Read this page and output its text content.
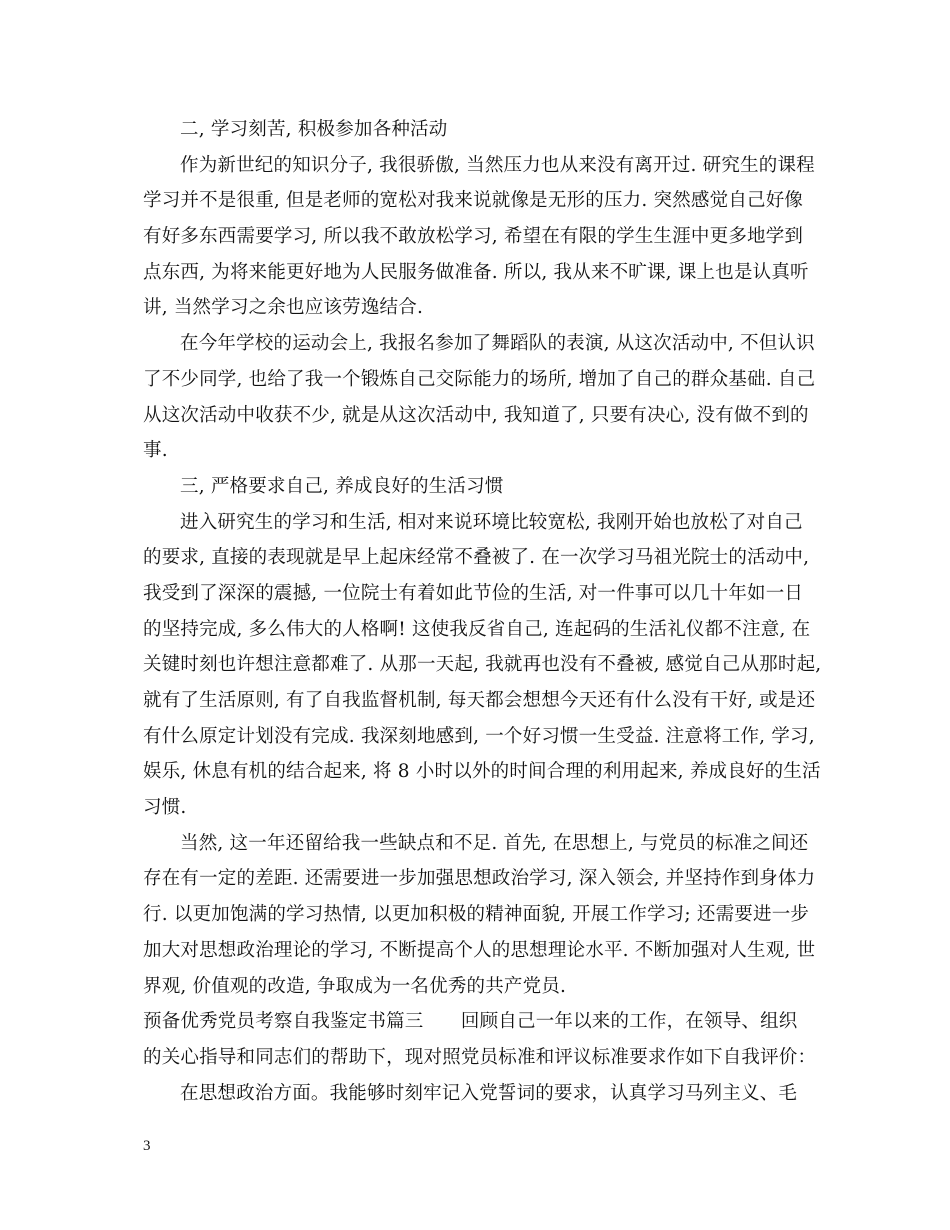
二, 学习刻苦, 积极参加各种活动
作为新世纪的知识分子, 我很骄傲, 当然压力也从来没有离开过. 研究生的课程
学习并不是很重, 但是老师的宽松对我来说就像是无形的压力. 突然感觉自己好像
有好多东西需要学习, 所以我不敢放松学习, 希望在有限的学生生涯中更多地学到
点东西, 为将来能更好地为人民服务做准备. 所以, 我从来不旷课, 课上也是认真听
讲, 当然学习之余也应该劳逸结合.
在今年学校的运动会上, 我报名参加了舞蹈队的表演, 从这次活动中, 不但认识
了不少同学, 也给了我一个锻炼自己交际能力的场所, 增加了自己的群众基础. 自己
从这次活动中收获不少, 就是从这次活动中, 我知道了, 只要有决心, 没有做不到的
事.
三, 严格要求自己, 养成良好的生活习惯
进入研究生的学习和生活, 相对来说环境比较宽松, 我刚开始也放松了对自己
的要求, 直接的表现就是早上起床经常不叠被了. 在一次学习马祖光院士的活动中,
我受到了深深的震撼, 一位院士有着如此节俭的生活, 对一件事可以几十年如一日
的坚持完成, 多么伟大的人格啊! 这使我反省自己, 连起码的生活礼仪都不注意, 在
关键时刻也许想注意都难了. 从那一天起, 我就再也没有不叠被, 感觉自己从那时起,
就有了生活原则, 有了自我监督机制, 每天都会想想今天还有什么没有干好, 或是还
有什么原定计划没有完成. 我深刻地感到, 一个好习惯一生受益. 注意将工作, 学习,
娱乐, 休息有机的结合起来, 将 8 小时以外的时间合理的利用起来, 养成良好的生活
习惯.
当然, 这一年还留给我一些缺点和不足. 首先, 在思想上, 与党员的标准之间还
存在有一定的差距. 还需要进一步加强思想政治学习, 深入领会, 并坚持作到身体力
行. 以更加饱满的学习热情, 以更加积极的精神面貌, 开展工作学习; 还需要进一步
加大对思想政治理论的学习, 不断提高个人的思想理论水平. 不断加强对人生观, 世
界观, 价值观的改造, 争取成为一名优秀的共产党员.
预备优秀党员考察自我鉴定书篇三　　回顾自己一年以来的工作，在领导、组织
的关心指导和同志们的帮助下，现对照党员标准和评议标准要求作如下自我评价：
在思想政治方面。我能够时刻牢记入党誓词的要求，认真学习马列主义、毛
3
